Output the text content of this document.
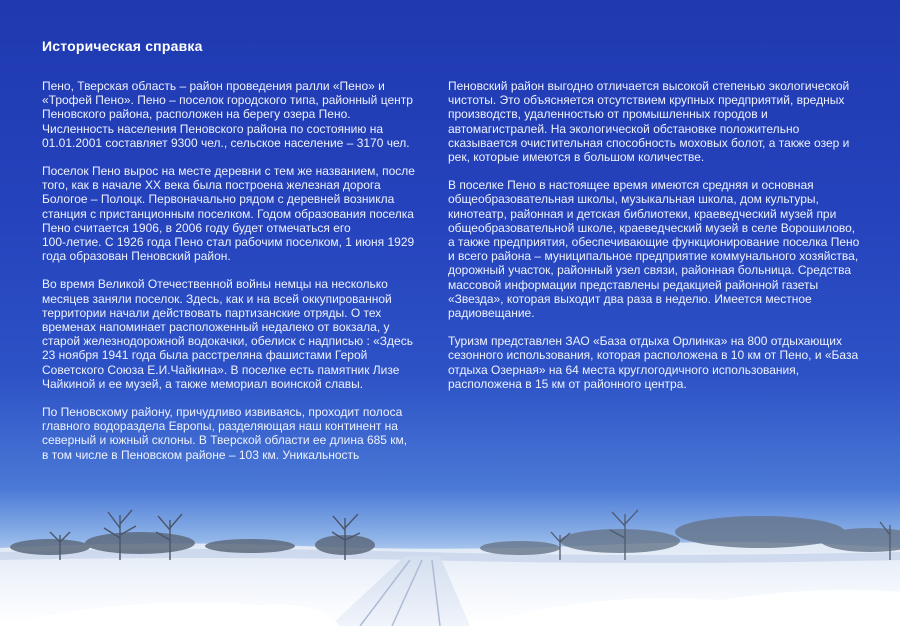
Историческая справка
Пено, Тверская область – район проведения ралли «Пено» и
«Трофей Пено». Пено – поселок городского типа, районный центр
Пеновского района, расположен на берегу озера Пено.
Численность населения Пеновского района по состоянию на
01.01.2001 составляет 9300 чел., сельское население – 3170 чел.
Поселок Пено вырос на месте деревни с тем же названием, после
того, как в начале XX века была построена железная дорога
Бологое – Полоцк. Первоначально рядом с деревней возникла
станция с пристанционным поселком. Годом образования поселка
Пено считается 1906, в 2006 году будет отмечаться его
100-летие. С 1926 года Пено стал рабочим поселком, 1 июня 1929
года образован Пеновский район.
Во время Великой Отечественной войны немцы на несколько
месяцев заняли поселок. Здесь, как и на всей оккупированной
территории начали действовать партизанские отряды. О тех
временах напоминает расположенный недалеко от вокзала, у
старой железнодорожной водокачки, обелиск с надписью : «Здесь
23 ноября 1941 года была расстреляна фашистами Герой
Советского Союза Е.И.Чайкина». В поселке есть памятник Лизе
Чайкиной и ее музей, а также мемориал воинской славы.
По Пеновскому району, причудливо извиваясь, проходит полоса
главного водораздела Европы, разделяющая наш континент на
северный и южный склоны. В Тверской области ее длина 685 км,
в том числе в Пеновском районе – 103 км. Уникальность
Пеновский район выгодно отличается высокой степенью экологической
чистоты. Это объясняется отсутствием крупных предприятий, вредных
производств, удаленностью от промышленных городов и
автомагистралей. На экологической обстановке положительно
сказывается очистительная способность моховых болот, а также озер и
рек, которые имеются в большом количестве.
В поселке Пено в настоящее время имеются средняя и основная
общеобразовательная школы, музыкальная школа, дом культуры,
кинотеатр, районная и детская библиотеки, краеведческий музей при
общеобразовательной школе, краеведческий музей в селе Ворошилово,
а также предприятия, обеспечивающие функционирование поселка Пено
и всего района – муниципальное предприятие коммунального хозяйства,
дорожный участок, районный узел связи, районная больница. Средства
массовой информации представлены редакцией районной газеты
«Звезда», которая выходит два раза в неделю. Имеется местное
радиовещание.
Туризм представлен ЗАО «База отдыха Орлинка» на 800 отдыхающих
сезонного использования, которая расположена в 10 км от Пено, и «База
отдыха Озерная» на 64 места круглогодичного использования,
расположена в 15 км от районного центра.
